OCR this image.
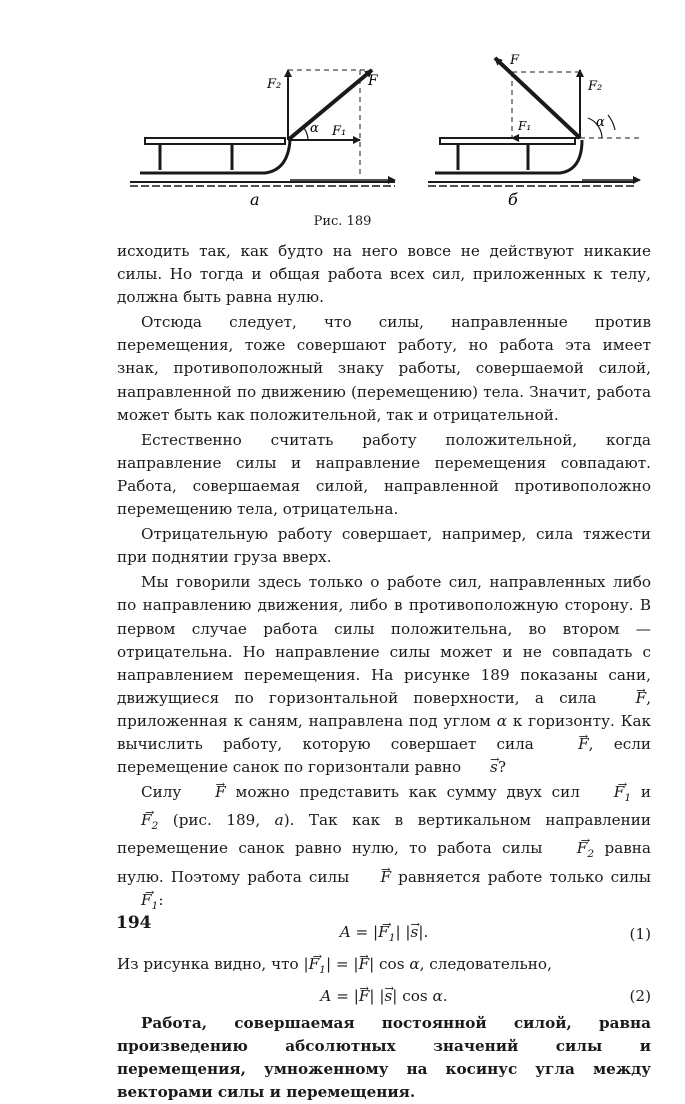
F
F₂
F₁
α
а
F
F₂
F₁	α
б
Рис. 189

исходить так, как будто на него вовсе не действуют никакие силы. Но тогда и общая работа всех сил, приложенных к телу, должна быть равна нулю.

Отсюда следует, что силы, направленные против перемещения, тоже совершают работу, но работа эта имеет знак, противоположный знаку работы, совершаемой силой, направленной по движению (перемещению) тела. Значит, работа может быть как положительной, так и отрицательной.

Естественно считать работу положительной, когда направление силы и направление перемещения совпадают. Работа, совершаемая силой, направленной противоположно перемещению тела, отрицательна.

Отрицательную работу совершает, например, сила тяжести при поднятии груза вверх.

Мы говорили здесь только о работе сил, направленных либо по направлению движения, либо в противоположную сторону. В первом случае работа силы положительна, во втором — отрицательна. Но направление силы может и не совпадать с направлением перемещения. На рисунке 189 показаны сани, движущиеся по горизонтальной поверхности, а сила	→ F, приложенная к саням, направлена под углом α к горизонту. Как вычислить работу, которую совершает сила	→ F, если перемещение санок по горизонтали равно → s?

Силу → F можно представить как сумму двух сил → $F_1$ $и \to F_2$ (рис. 189, а). Так как в вертикальном направлении перемещение санок равно нулю, то работа силы → $F_2$ равна нулю. Поэтому работа силы → F равняется работе только силы → $F_1$:

A = |→ $F_1|$ |→ s|.	(1)

Из рисунка видно, что |→ $F_1|$ = |→ F| cos α, следовательно,

A = |→ F| |→ s| cos α.	(2)

Работа, совершаемая постоянной силой, равна произведению абсолютных значений силы и перемещения, умноженному на косинус угла между векторами силы и перемещения.

194
